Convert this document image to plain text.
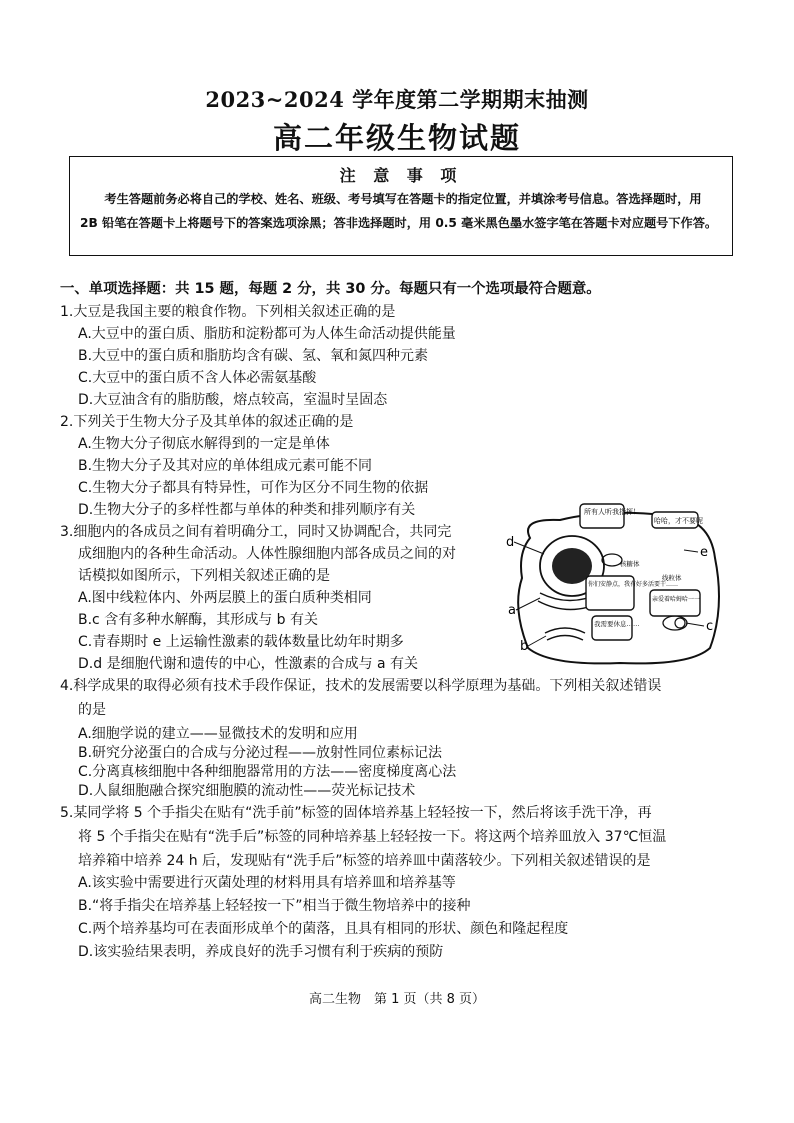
2023~2024 学年度第二学期期末抽测
高二年级生物试题
注 意 事 项
考生答题前务必将自己的学校、姓名、班级、考号填写在答题卡的指定位置，并填涂考号信息。答选择题时，用 2B 铅笔在答题卡上将题号下的答案选项涂黑；答非选择题时，用 0.5 毫米黑色墨水签字笔在答题卡对应题号下作答。
一、单项选择题：共 15 题，每题 2 分，共 30 分。每题只有一个选项最符合题意。
1.大豆是我国主要的粮食作物。下列相关叙述正确的是
A.大豆中的蛋白质、脂肪和淀粉都可为人体生命活动提供能量
B.大豆中的蛋白质和脂肪均含有碳、氢、氧和氮四种元素
C.大豆中的蛋白质不含人体必需氨基酸
D.大豆油含有的脂肪酸，熔点较高，室温时呈固态
2.下列关于生物大分子及其单体的叙述正确的是
A.生物大分子彻底水解得到的一定是单体
B.生物大分子及其对应的单体组成元素可能不同
C.生物大分子都具有特异性，可作为区分不同生物的依据
D.生物大分子的多样性都与单体的种类和排列顺序有关
3.细胞内的各成员之间有着明确分工，同时又协调配合，共同完
成细胞内的各种生命活动。人体性腺细胞内部各成员之间的对
话模拟如图所示，下列相关叙述正确的是
A.图中线粒体内、外两层膜上的蛋白质种类相同
B.c 含有多种水解酶，其形成与 b 有关
C.青春期时 e 上运输性激素的载体数量比幼年时期多
D.d 是细胞代谢和遗传的中心，性激素的合成与 a 有关
所有人听我指挥！
哈哈，才不要呢
你们安静点，我有好多活要干……
我需要休息……
亲爱着哈姆哈一一
核糖体
线粒体
d
e
a
b
c
4.科学成果的取得必须有技术手段作保证，技术的发展需要以科学原理为基础。下列相关叙述错误
的是
A.细胞学说的建立——显微技术的发明和应用
B.研究分泌蛋白的合成与分泌过程——放射性同位素标记法
C.分离真核细胞中各种细胞器常用的方法——密度梯度离心法
D.人鼠细胞融合探究细胞膜的流动性——荧光标记技术
5.某同学将 5 个手指尖在贴有“洗手前”标签的固体培养基上轻轻按一下，然后将该手洗干净，再
将 5 个手指尖在贴有“洗手后”标签的同种培养基上轻轻按一下。将这两个培养皿放入 37℃恒温
培养箱中培养 24 h 后，发现贴有“洗手后”标签的培养皿中菌落较少。下列相关叙述错误的是
A.该实验中需要进行灭菌处理的材料用具有培养皿和培养基等
B.“将手指尖在培养基上轻轻按一下”相当于微生物培养中的接种
C.两个培养基均可在表面形成单个的菌落，且具有相同的形状、颜色和隆起程度
D.该实验结果表明，养成良好的洗手习惯有利于疾病的预防
高二生物　第 1 页（共 8 页）
